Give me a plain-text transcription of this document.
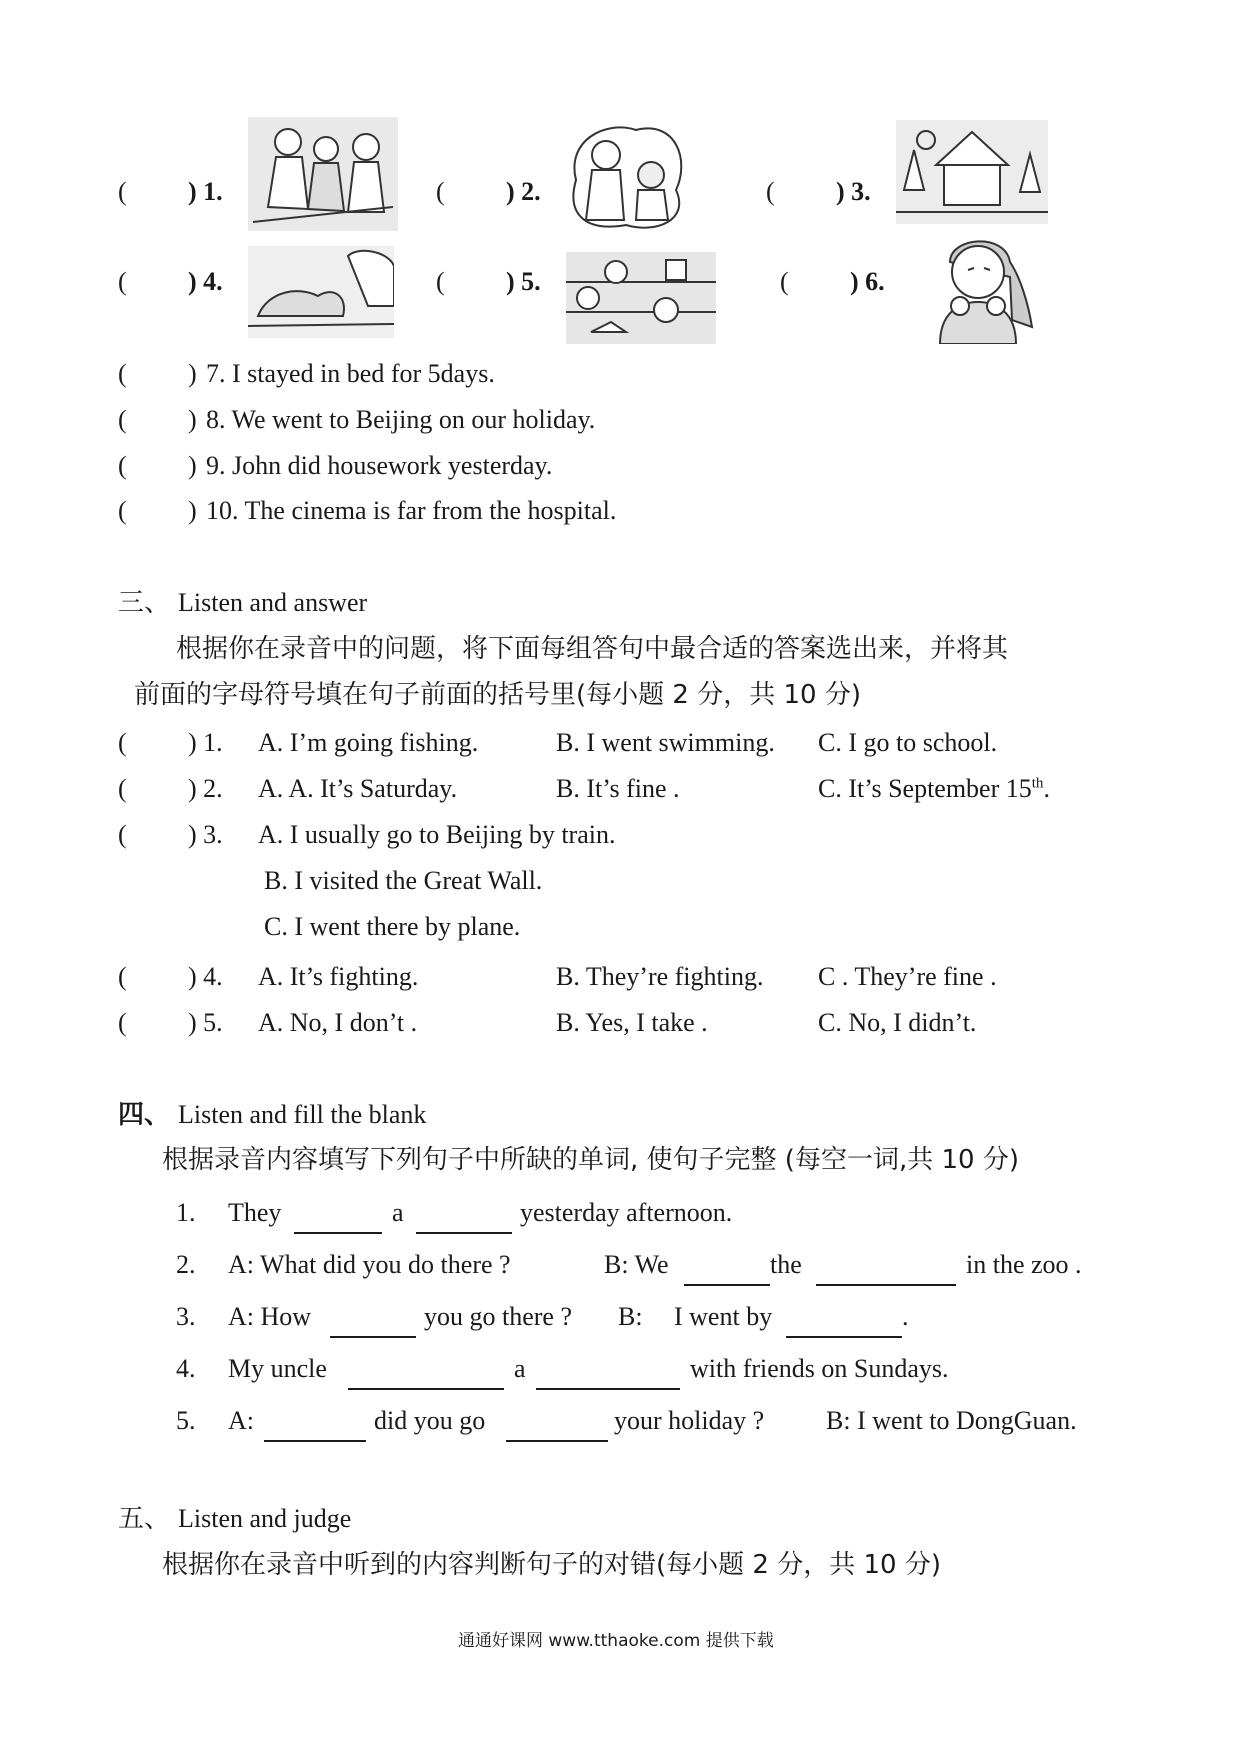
( ) 1.	( ) 2.	( ) 3.
( ) 4.	( ) 5.	( ) 6.
( ) 7. I stayed in bed for 5days.
( ) 8. We went to Beijing on our holiday.
( ) 9. John did housework yesterday.
( ) 10. The cinema is far from the hospital.
三、 Listen and answer
根据你在录音中的问题，将下面每组答句中最合适的答案选出来，并将其
前面的字母符号填在句子前面的括号里(每小题 2 分，共 10 分)
( ) 1. A. I’m going fishing.	B. I went swimming. C. I go to school.
( ) 2. A. A. It’s Saturday.	B. It’s fine .	C. It’s September 15th.
( ) 3. A. I usually go to Beijing by train.
B. I visited the Great Wall.
C. I went there by plane.
( ) 4. A. It’s fighting.	B. They’re fighting. C . They’re fine .
( ) 5. A. No, I don’t .	B. Yes, I take .	C. No, I didn’t.
四、 Listen and fill the blank
根据录音内容填写下列句子中所缺的单词, 使句子完整 (每空一词,共 10 分)
1. They	a	yesterday afternoon.
2. A: What did you do there ?	B: We	the	in the zoo .
3. A: How	you go there ? B: I went by	.
4. My uncle	a	with friends on Sundays.
5. A:	did you go	your holiday ? B: I went to DongGuan.
五、 Listen and judge
根据你在录音中听到的内容判断句子的对错(每小题 2 分，共 10 分)
通通好课网 www.tthaoke.com 提供下载
